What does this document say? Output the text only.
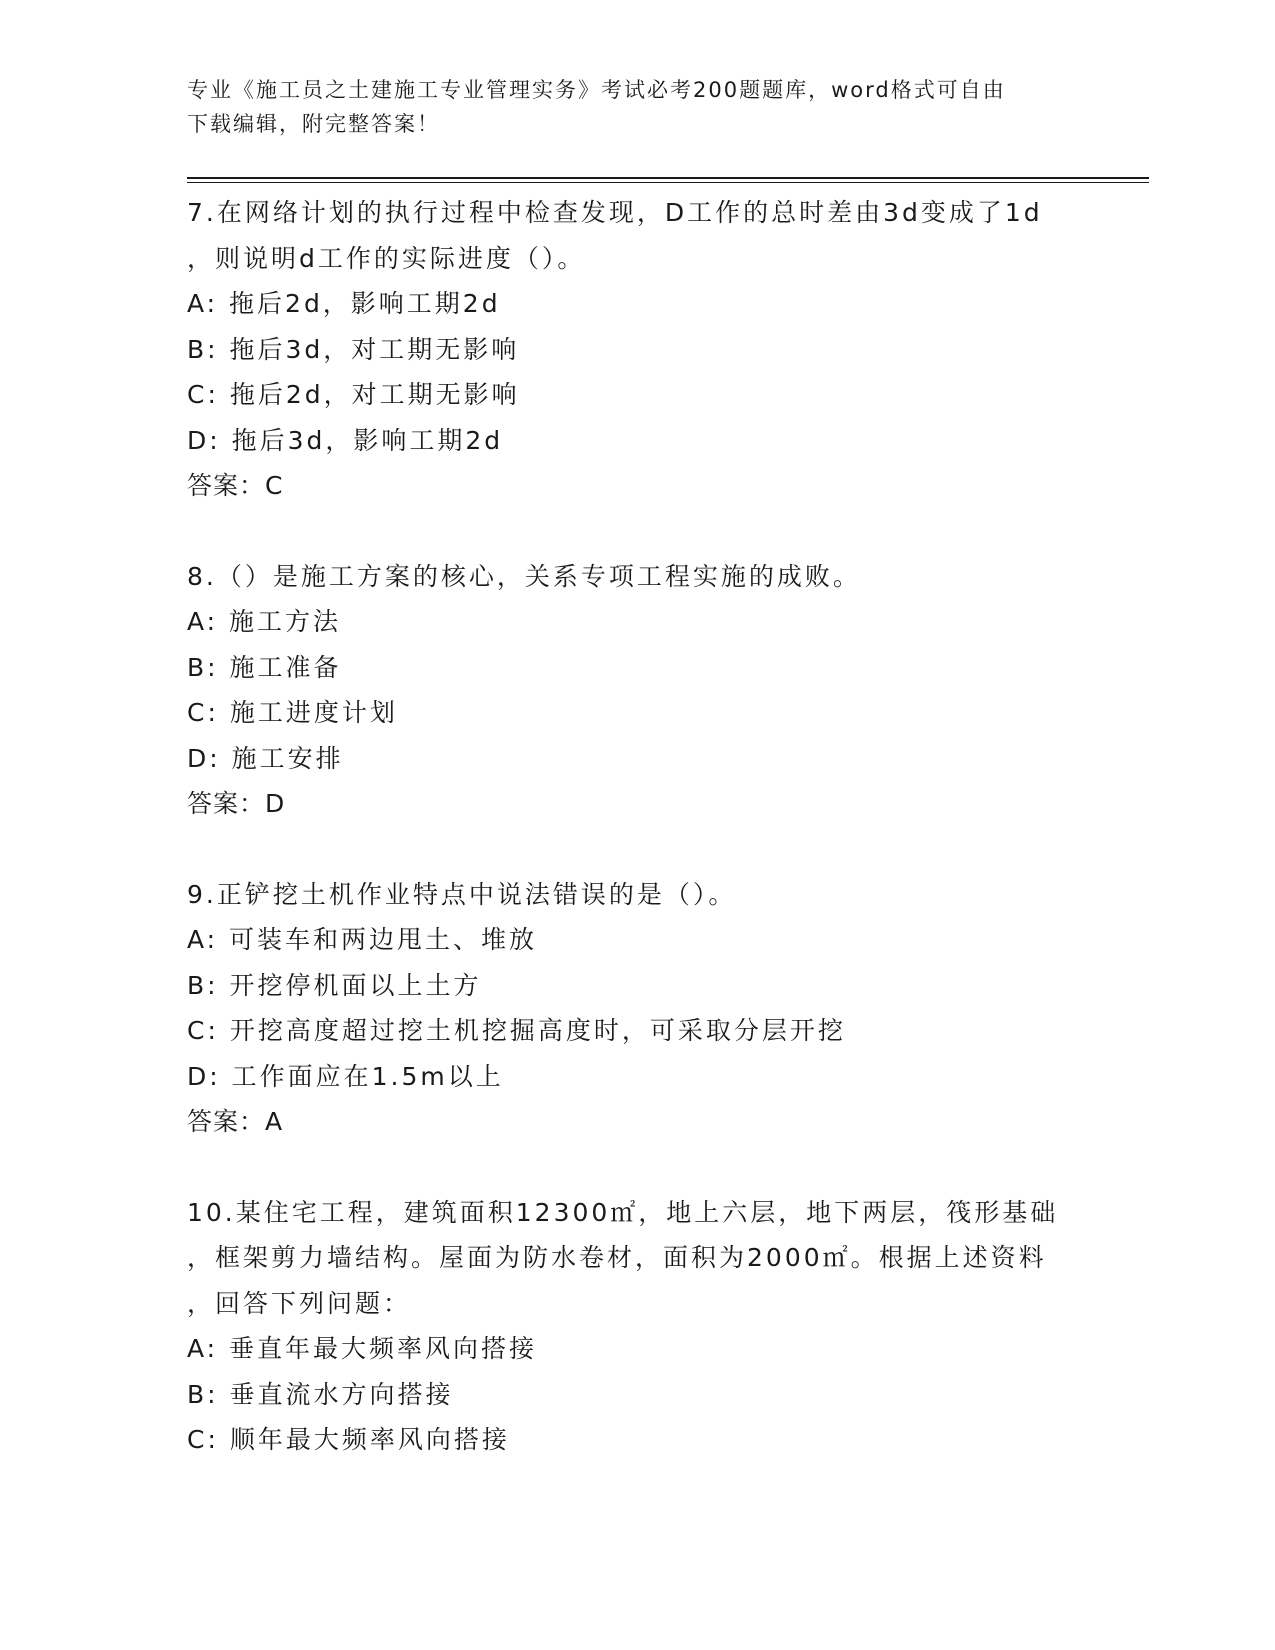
专业《施工员之土建施工专业管理实务》考试必考200题题库，word格式可自由
下载编辑，附完整答案！
7.在网络计划的执行过程中检查发现，D工作的总时差由3d变成了1d
，则说明d工作的实际进度（）。
A: 拖后2d，影响工期2d
B: 拖后3d，对工期无影响
C: 拖后2d，对工期无影响
D: 拖后3d，影响工期2d
答案：C
8.（）是施工方案的核心，关系专项工程实施的成败。
A: 施工方法
B: 施工准备
C: 施工进度计划
D: 施工安排
答案：D
9.正铲挖土机作业特点中说法错误的是（）。
A: 可装车和两边甩土、堆放
B: 开挖停机面以上土方
C: 开挖高度超过挖土机挖掘高度时，可采取分层开挖
D: 工作面应在1.5m以上
答案：A
10.某住宅工程，建筑面积12300㎡，地上六层，地下两层，筏形基础
，框架剪力墙结构。屋面为防水卷材，面积为2000㎡。根据上述资料
，回答下列问题：
A: 垂直年最大频率风向搭接
B: 垂直流水方向搭接
C: 顺年最大频率风向搭接
